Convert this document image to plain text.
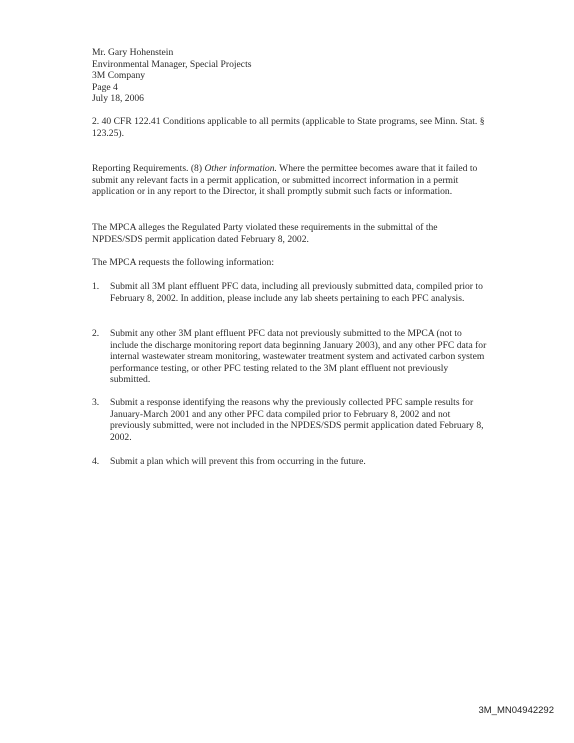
Mr. Gary Hohenstein
Environmental Manager, Special Projects
3M Company
Page 4
July 18, 2006

2. 40 CFR 122.41 Conditions applicable to all permits (applicable to State programs, see Minn. Stat. § 123.25).

Reporting Requirements. (8) Other information. Where the permittee becomes aware that it failed to submit any relevant facts in a permit application, or submitted incorrect information in a permit application or in any report to the Director, it shall promptly submit such facts or information.

The MPCA alleges the Regulated Party violated these requirements in the submittal of the NPDES/SDS permit application dated February 8, 2002.

The MPCA requests the following information:

1.	Submit all 3M plant effluent PFC data, including all previously submitted data, compiled prior to February 8, 2002. In addition, please include any lab sheets pertaining to each PFC analysis.
2.	Submit any other 3M plant effluent PFC data not previously submitted to the MPCA (not to include the discharge monitoring report data beginning January 2003), and any other PFC data for internal wastewater stream monitoring, wastewater treatment system and activated carbon system performance testing, or other PFC testing related to the 3M plant effluent not previously submitted.
3.	Submit a response identifying the reasons why the previously collected PFC sample results for January-March 2001 and any other PFC data compiled prior to February 8, 2002 and not previously submitted, were not included in the NPDES/SDS permit application dated February 8, 2002.
4.	Submit a plan which will prevent this from occurring in the future.
3M_MN04942292
